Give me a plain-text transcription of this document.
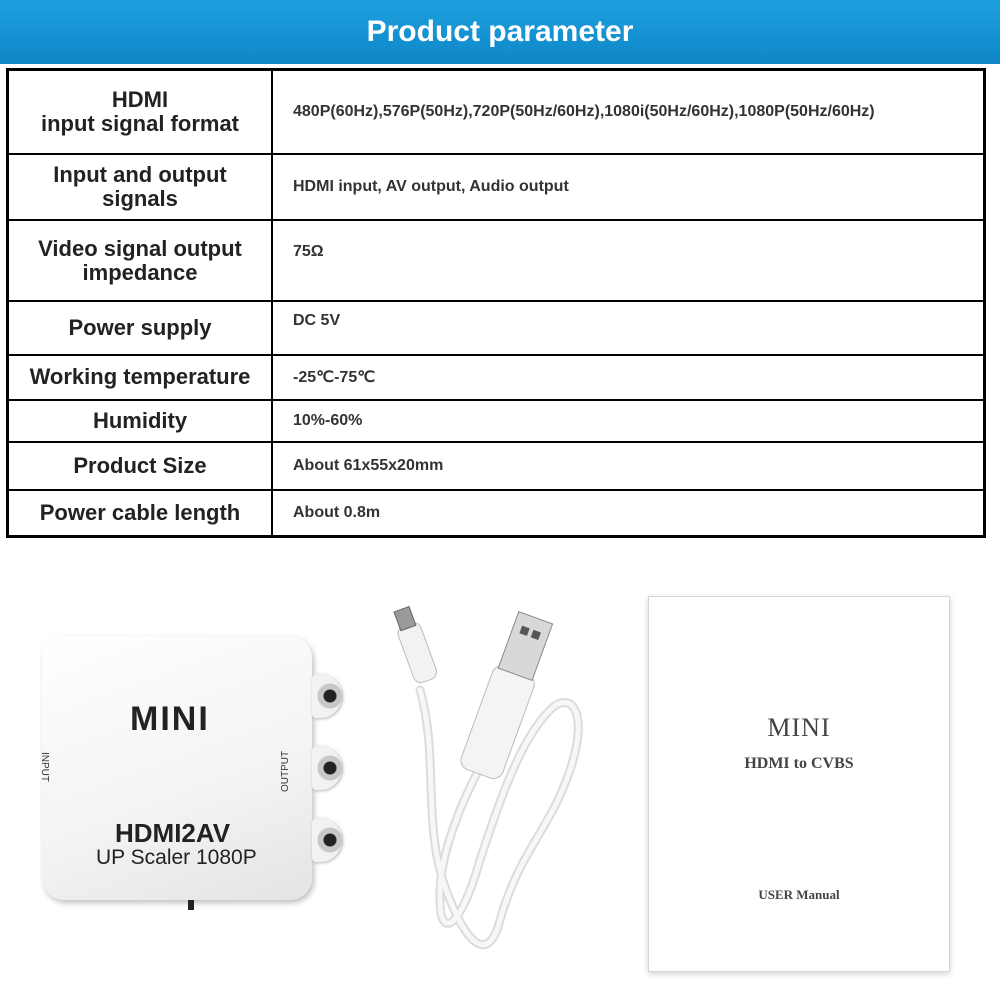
Product parameter
HDMI
input signal format	480P(60Hz),576P(50Hz),720P(50Hz/60Hz),1080i(50Hz/60Hz),1080P(50Hz/60Hz)
Input and output
signals	HDMI input, AV output, Audio output
Video signal output
impedance	75Ω
Power supply	DC 5V
Working temperature	-25℃-75℃
Humidity	10%-60%
Product Size	About 61x55x20mm
Power cable length	About 0.8m
MINI
INPUT	OUTPUT
HDMI2AV
UP Scaler 1080P
MINI
HDMI to CVBS
USER Manual
